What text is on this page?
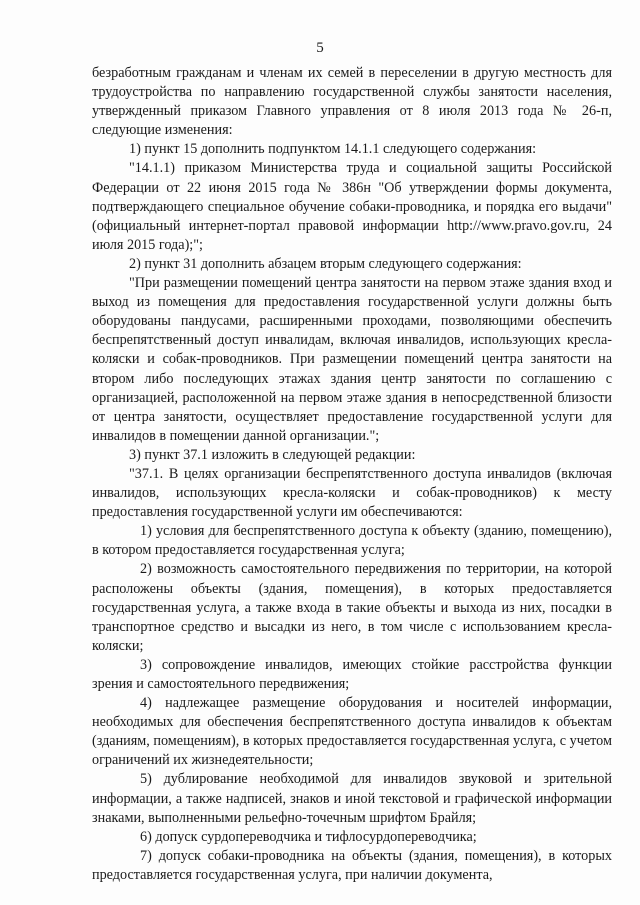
5

безработным гражданам и членам их семей в переселении в другую местность для трудоустройства по направлению государственной службы занятости населения, утвержденный приказом Главного управления от 8 июля 2013 года № 26-п, следующие изменения:

1) пункт 15 дополнить подпунктом 14.1.1 следующего содержания:

"14.1.1) приказом Министерства труда и социальной защиты Российской Федерации от 22 июня 2015 года № 386н "Об утверждении формы документа, подтверждающего специальное обучение собаки-проводника, и порядка его выдачи" (официальный интернет-портал правовой информации http://www.pravo.gov.ru, 24 июля 2015 года);";

2) пункт 31 дополнить абзацем вторым следующего содержания:

"При размещении помещений центра занятости на первом этаже здания вход и выход из помещения для предоставления государственной услуги должны быть оборудованы пандусами, расширенными проходами, позволяющими обеспечить беспрепятственный доступ инвалидам, включая инвалидов, использующих кресла-коляски и собак-проводников. При размещении помещений центра занятости на втором либо последующих этажах здания центр занятости по соглашению с организацией, расположенной на первом этаже здания в непосредственной близости от центра занятости, осуществляет предоставление государственной услуги для инвалидов в помещении данной организации.";

3) пункт 37.1 изложить в следующей редакции:

"37.1. В целях организации беспрепятственного доступа инвалидов (включая инвалидов, использующих кресла-коляски и собак-проводников) к месту предоставления государственной услуги им обеспечиваются:

1) условия для беспрепятственного доступа к объекту (зданию, помещению), в котором предоставляется государственная услуга;

2) возможность самостоятельного передвижения по территории, на которой расположены объекты (здания, помещения), в которых предоставляется государственная услуга, а также входа в такие объекты и выхода из них, посадки в транспортное средство и высадки из него, в том числе с использованием кресла-коляски;

3) сопровождение инвалидов, имеющих стойкие расстройства функции зрения и самостоятельного передвижения;

4) надлежащее размещение оборудования и носителей информации, необходимых для обеспечения беспрепятственного доступа инвалидов к объектам (зданиям, помещениям), в которых предоставляется государственная услуга, с учетом ограничений их жизнедеятельности;

5) дублирование необходимой для инвалидов звуковой и зрительной информации, а также надписей, знаков и иной текстовой и графической информации знаками, выполненными рельефно-точечным шрифтом Брайля;

6) допуск сурдопереводчика и тифлосурдопереводчика;

7) допуск собаки-проводника на объекты (здания, помещения), в которых предоставляется государственная услуга, при наличии документа,
